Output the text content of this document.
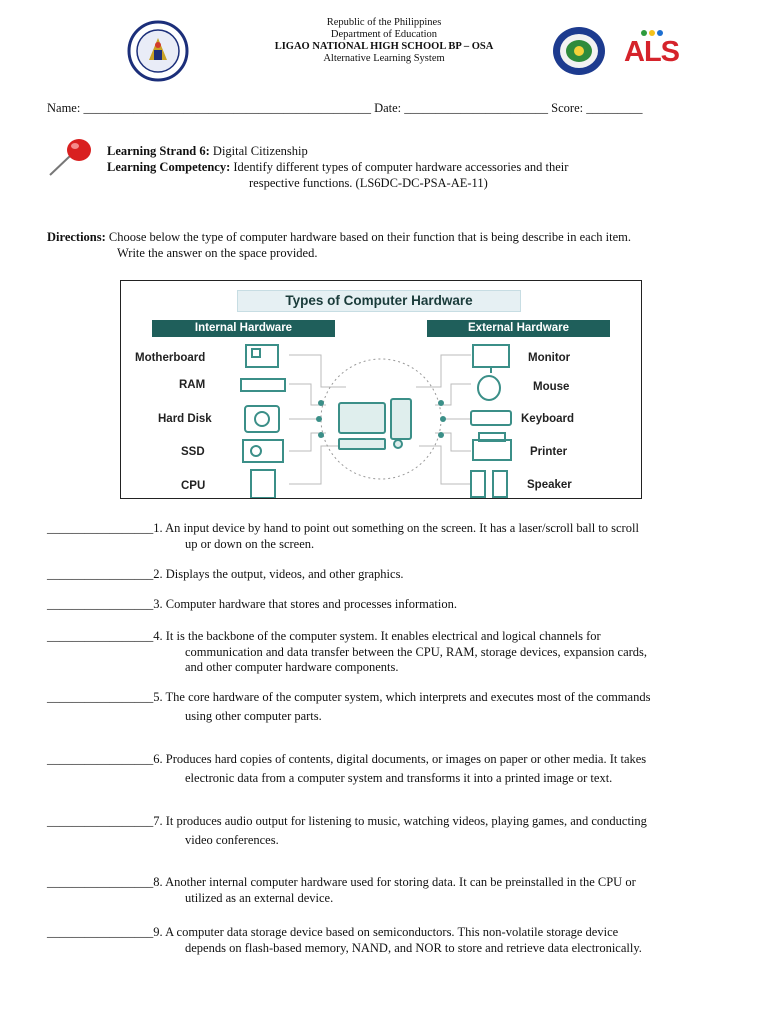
ALS
Republic of the Philippines
Department of Education
LIGAO NATIONAL HIGH SCHOOL BP – OSA
Alternative Learning System
Name: ______________________________________________ Date: _______________________ Score: _________
Learning Strand 6: Digital Citizenship
Learning Competency: Identify different types of computer hardware accessories and their
respective functions. (LS6DC-DC-PSA-AE-11)
Directions: Choose below the type of computer hardware based on their function that is being describe in each item.
Write the answer on the space provided.
Types of Computer Hardware
Internal Hardware	External Hardware
Motherboard
RAM
Hard Disk
SSD
CPU
Monitor
Mouse
Keyboard
Printer
Speaker
_________________1. An input device by hand to point out something on the screen. It has a laser/scroll ball to scroll
up or down on the screen.
_________________2. Displays the output, videos, and other graphics.
_________________3. Computer hardware that stores and processes information.
_________________4. It is the backbone of the computer system. It enables electrical and logical channels for
communication and data transfer between the CPU, RAM, storage devices, expansion cards,
and other computer hardware components.
_________________5. The core hardware of the computer system, which interprets and executes most of the commands
using other computer parts.
_________________6. Produces hard copies of contents, digital documents, or images on paper or other media. It takes
electronic data from a computer system and transforms it into a printed image or text.
_________________7. It produces audio output for listening to music, watching videos, playing games, and conducting
video conferences.
_________________8. Another internal computer hardware used for storing data. It can be preinstalled in the CPU or
utilized as an external device.
_________________9. A computer data storage device based on semiconductors. This non-volatile storage device
depends on flash-based memory, NAND, and NOR to store and retrieve data electronically.
